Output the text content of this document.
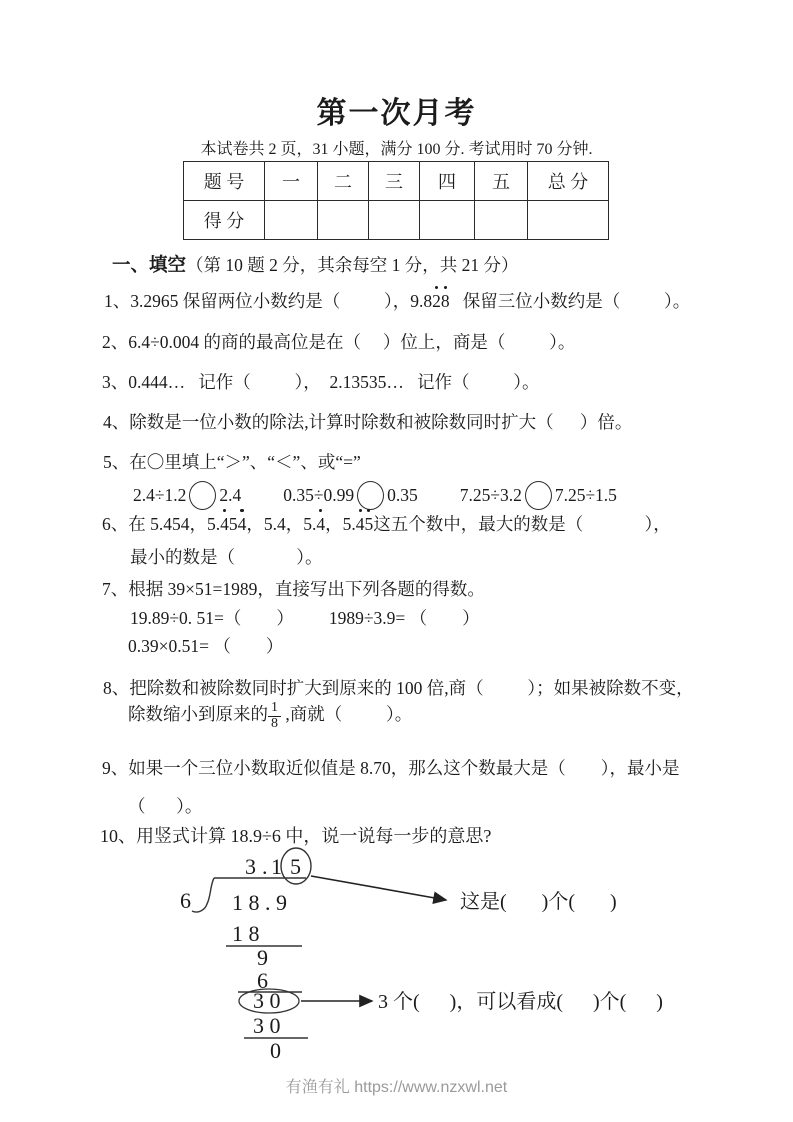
第一次月考
本试卷共 2 页，31 小题，满分 100 分. 考试用时 70 分钟.
题 号	一	二	三	四	五	总 分
得 分						
一、填空（第 10 题 2 分，其余每空 1 分，共 21 分）
1、3.2965 保留两位小数约是（          ），9.828   保留三位小数约是（          ）。
2、6.4÷0.004 的商的最高位是在（     ）位上，商是（          ）。
3、0.444…   记作（          ），  2.13535…   记作（          ）。
4、除数是一位小数的除法,计算时除数和被除数同时扩大（      ）倍。
5、在〇里填上“＞”、“＜”、或“=”
2.4÷1.2 2.4 0.35÷0.99 0.35 7.25÷3.2 7.25÷1.5
6、在 5.454，5.454，5.4，5.4，5.45这五个数中，最大的数是（              ），
最小的数是（              ）。
7、根据 39×51=1989，直接写出下列各题的得数。
19.89÷0. 51=（        ）        1989÷3.9= （        ）
0.39×0.51= （        ）
8、把除数和被除数同时扩大到原来的 100 倍,商（          ）；如果被除数不变，
除数缩小到原来的 $\frac{1}{8}$ ,商就（          ）。
9、如果一个三位小数取近似值是 8.70，那么这个数最大是（        ），最小是
（       ）。
10、用竖式计算 18.9÷6 中，说一说每一步的意思?
3 . 1 5
这是(       )个(       )
6 1 8 . 9
1 8
9
6
3 0	3 个(      )，可以看成(      )个(      )
3 0
0
有渔有礼 https://www.nzxwl.net
